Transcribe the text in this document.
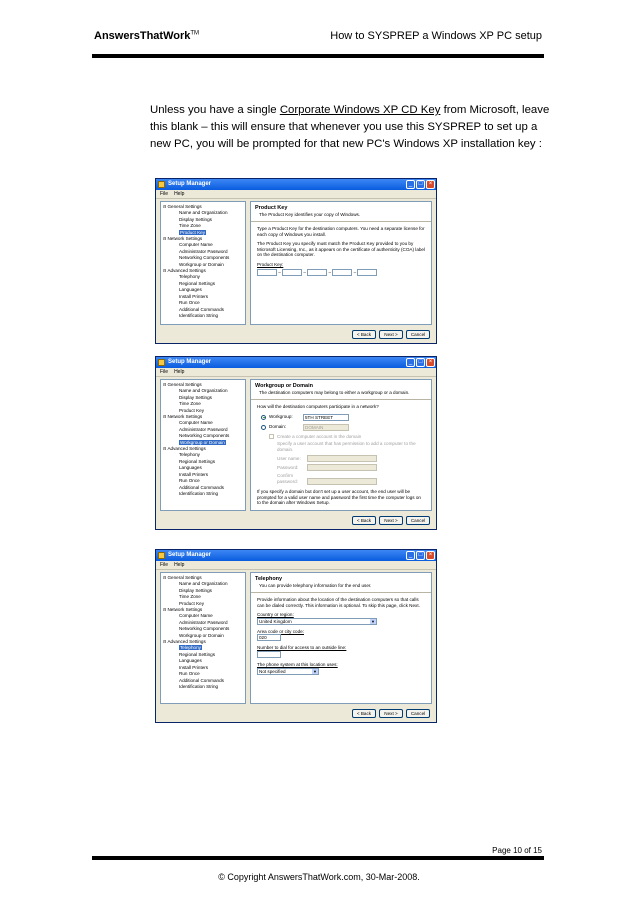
AnswersThatWork™	How to SYSPREP a Windows XP PC setup
Unless you have a single Corporate Windows XP CD Key from Microsoft, leave this blank – this will ensure that whenever you use this SYSPREP to set up a new PC, you will be prompted for that new PC's Windows XP installation key :
Setup Manager	_	□	×
File Help
⊟ General Settings
Name and Organization
Display Settings
Time Zone
Product Key
⊟ Network Settings
Computer Name
Administrator Password
Networking Components
Workgroup or Domain
⊟ Advanced Settings
Telephony
Regional Settings
Languages
Install Printers
Run Once
Additional Commands
Identification String
Product Key
The Product Key identifies your copy of Windows.

Type a Product Key for the destination computers. You need a separate license for each copy of Windows you install.

The Product Key you specify must match the Product Key provided to you by Microsoft Licensing, Inc., as it appears on the certificate of authenticity (COA) label on the destination computer.

Product Key:
–	–	–	–
< Back	Next >	Cancel
Setup Manager	_	□	×
File Help
⊟ General Settings
Name and Organization
Display Settings
Time Zone
Product Key
⊟ Network Settings
Computer Name
Administrator Password
Networking Components
Workgroup or Domain
⊟ Advanced Settings
Telephony
Regional Settings
Languages
Install Printers
Run Once
Additional Commands
Identification String
Workgroup or Domain
The destination computers may belong to either a workgroup or a domain.

How will the destination computers participate in a network?

Workgroup:	5TH STREET
Domain:	DOMAIN
Create a computer account in the domain
Specify a user account that has permission to add a computer to the domain.
User name:
Password:
Confirm password:

If you specify a domain but don't set up a user account, the end user will be prompted for a valid user name and password the first time the computer logs on to the domain after Windows Setup.

< Back	Next >	Cancel
Setup Manager	_	□	×
File Help
⊟ General Settings
Name and Organization
Display Settings
Time Zone
Product Key
⊟ Network Settings
Computer Name
Administrator Password
Networking Components
Workgroup or Domain
⊟ Advanced Settings
Telephony
Regional Settings
Languages
Install Printers
Run Once
Additional Commands
Identification String
Telephony
You can provide telephony information for the end user.

Provide information about the location of the destination computers so that calls can be dialed correctly. This information is optional. To skip this page, click Next.

Country or region:
United Kingdom	▼
Area code or city code:
020
Number to dial for access to an outside line:
The phone system at this location uses:
Not specified	▼
< Back	Next >	Cancel
Page 10 of 15
© Copyright AnswersThatWork.com, 30-Mar-2008.
